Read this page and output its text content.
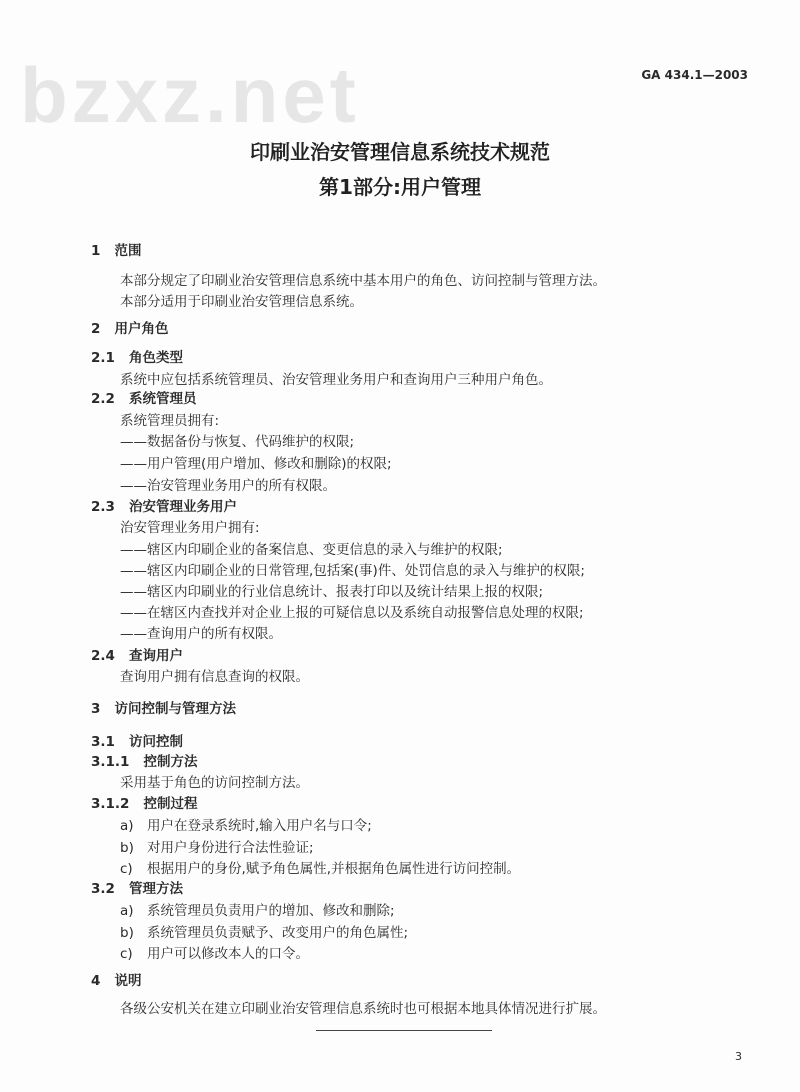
GA 434.1—2003
bzxz.net
印刷业治安管理信息系统技术规范
第1部分:用户管理
1 范围
本部分规定了印刷业治安管理信息系统中基本用户的角色、访问控制与管理方法。
本部分适用于印刷业治安管理信息系统。
2 用户角色
2.1 角色类型
系统中应包括系统管理员、治安管理业务用户和查询用户三种用户角色。
2.2 系统管理员
系统管理员拥有:
——数据备份与恢复、代码维护的权限;
——用户管理(用户增加、修改和删除)的权限;
——治安管理业务用户的所有权限。
2.3 治安管理业务用户
治安管理业务用户拥有:
——辖区内印刷企业的备案信息、变更信息的录入与维护的权限;
——辖区内印刷企业的日常管理,包括案(事)件、处罚信息的录入与维护的权限;
——辖区内印刷业的行业信息统计、报表打印以及统计结果上报的权限;
——在辖区内查找并对企业上报的可疑信息以及系统自动报警信息处理的权限;
——查询用户的所有权限。
2.4 查询用户
查询用户拥有信息查询的权限。
3 访问控制与管理方法
3.1 访问控制
3.1.1 控制方法
采用基于角色的访问控制方法。
3.1.2 控制过程
a) 用户在登录系统时,输入用户名与口令;
b) 对用户身份进行合法性验证;
c) 根据用户的身份,赋予角色属性,并根据角色属性进行访问控制。
3.2 管理方法
a) 系统管理员负责用户的增加、修改和删除;
b) 系统管理员负责赋予、改变用户的角色属性;
c) 用户可以修改本人的口令。
4 说明
各级公安机关在建立印刷业治安管理信息系统时也可根据本地具体情况进行扩展。
3
